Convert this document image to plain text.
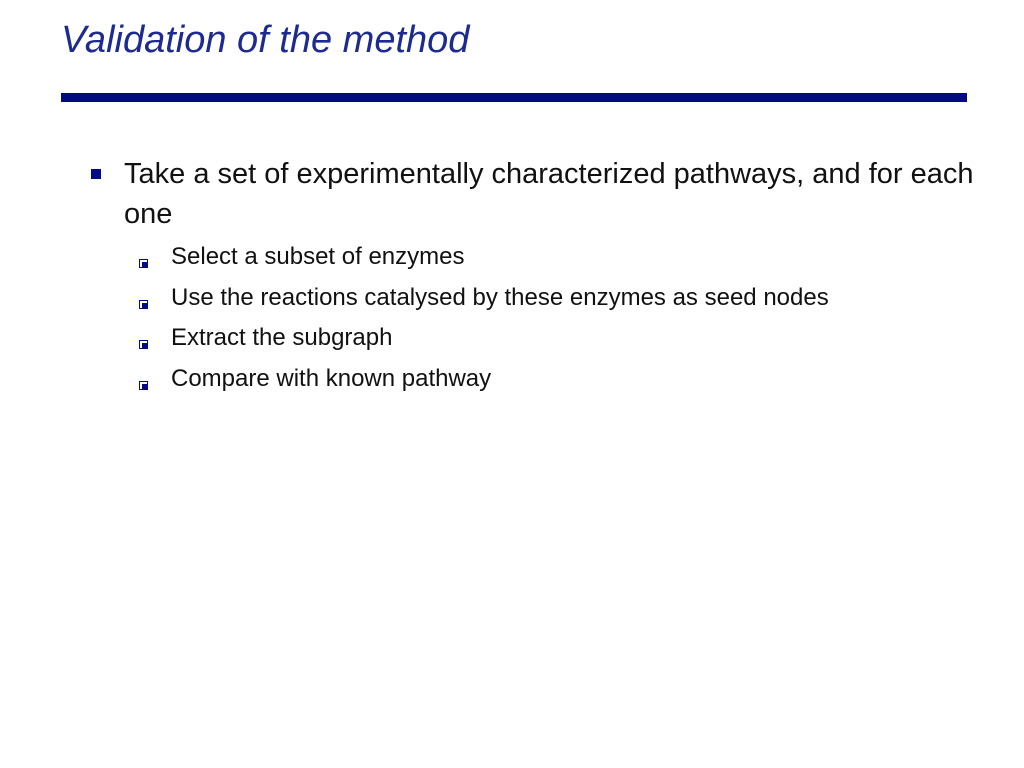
Validation of the method
Take a set of experimentally characterized pathways, and for each one
Select a subset of enzymes
Use the reactions catalysed by these enzymes as seed nodes
Extract the subgraph
Compare with known pathway
